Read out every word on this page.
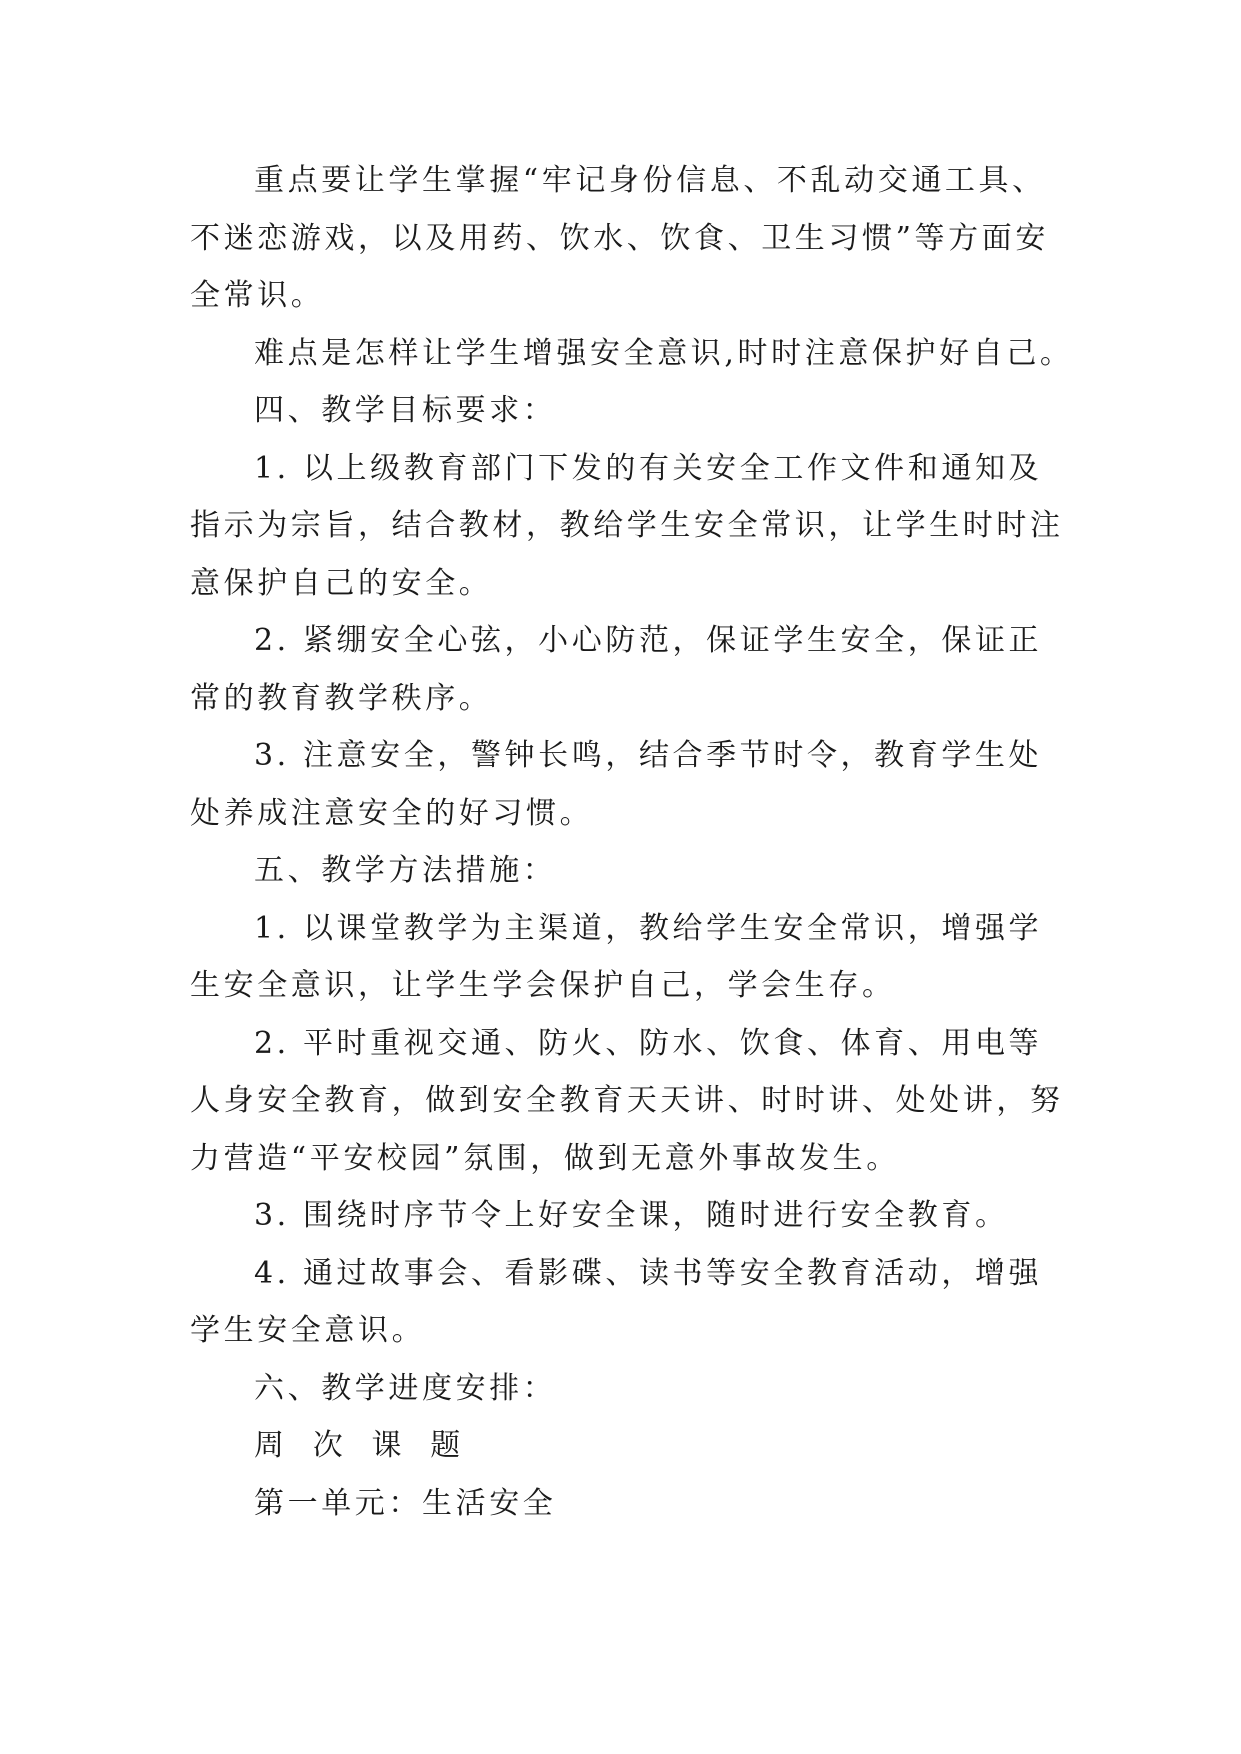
重点要让学生掌握“牢记身份信息、不乱动交通工具、
不迷恋游戏，以及用药、饮水、饮食、卫生习惯”等方面安
全常识。
难点是怎样让学生增强安全意识,时时注意保护好自己。
四、教学目标要求：
1. 以上级教育部门下发的有关安全工作文件和通知及
指示为宗旨，结合教材，教给学生安全常识，让学生时时注
意保护自己的安全。
2. 紧绷安全心弦，小心防范，保证学生安全，保证正
常的教育教学秩序。
3. 注意安全，警钟长鸣，结合季节时令，教育学生处
处养成注意安全的好习惯。
五、教学方法措施：
1. 以课堂教学为主渠道，教给学生安全常识，增强学
生安全意识，让学生学会保护自己，学会生存。
2. 平时重视交通、防火、防水、饮食、体育、用电等
人身安全教育，做到安全教育天天讲、时时讲、处处讲，努
力营造“平安校园”氛围，做到无意外事故发生。
3. 围绕时序节令上好安全课，随时进行安全教育。
4. 通过故事会、看影碟、读书等安全教育活动，增强
学生安全意识。
六、教学进度安排：
周 次 课 题
第一单元：生活安全
